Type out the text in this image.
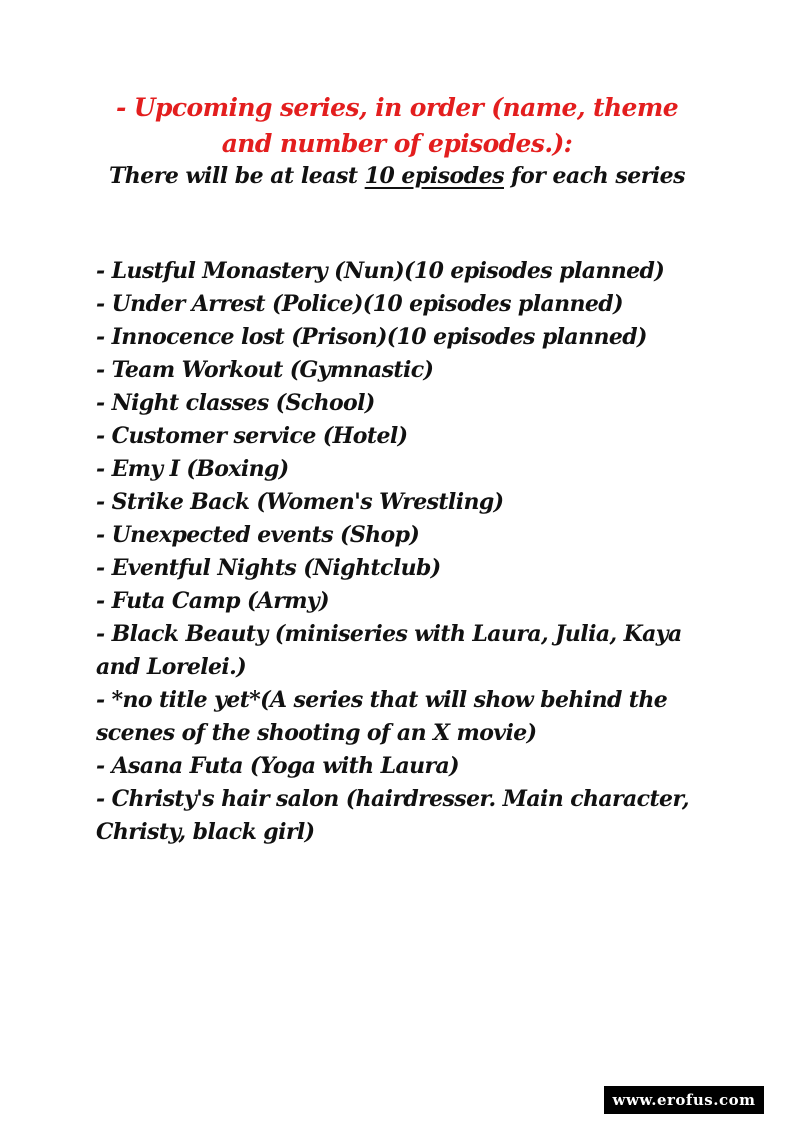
- Upcoming series, in order (name, theme and number of episodes.):
There will be at least 10 episodes for each series
- Lustful Monastery (Nun)(10 episodes planned)
- Under Arrest (Police)(10 episodes planned)
- Innocence lost (Prison)(10 episodes planned)
- Team Workout (Gymnastic)
- Night classes (School)
- Customer service (Hotel)
- Emy I (Boxing)
- Strike Back (Women's Wrestling)
- Unexpected events (Shop)
- Eventful Nights (Nightclub)
- Futa Camp (Army)
- Black Beauty (miniseries with Laura, Julia, Kaya and Lorelei.)
- *no title yet*(A series that will show behind the scenes of the shooting of an X movie)
- Asana Futa (Yoga with Laura)
- Christy's hair salon (hairdresser. Main character, Christy, black girl)
www.erofus.com
